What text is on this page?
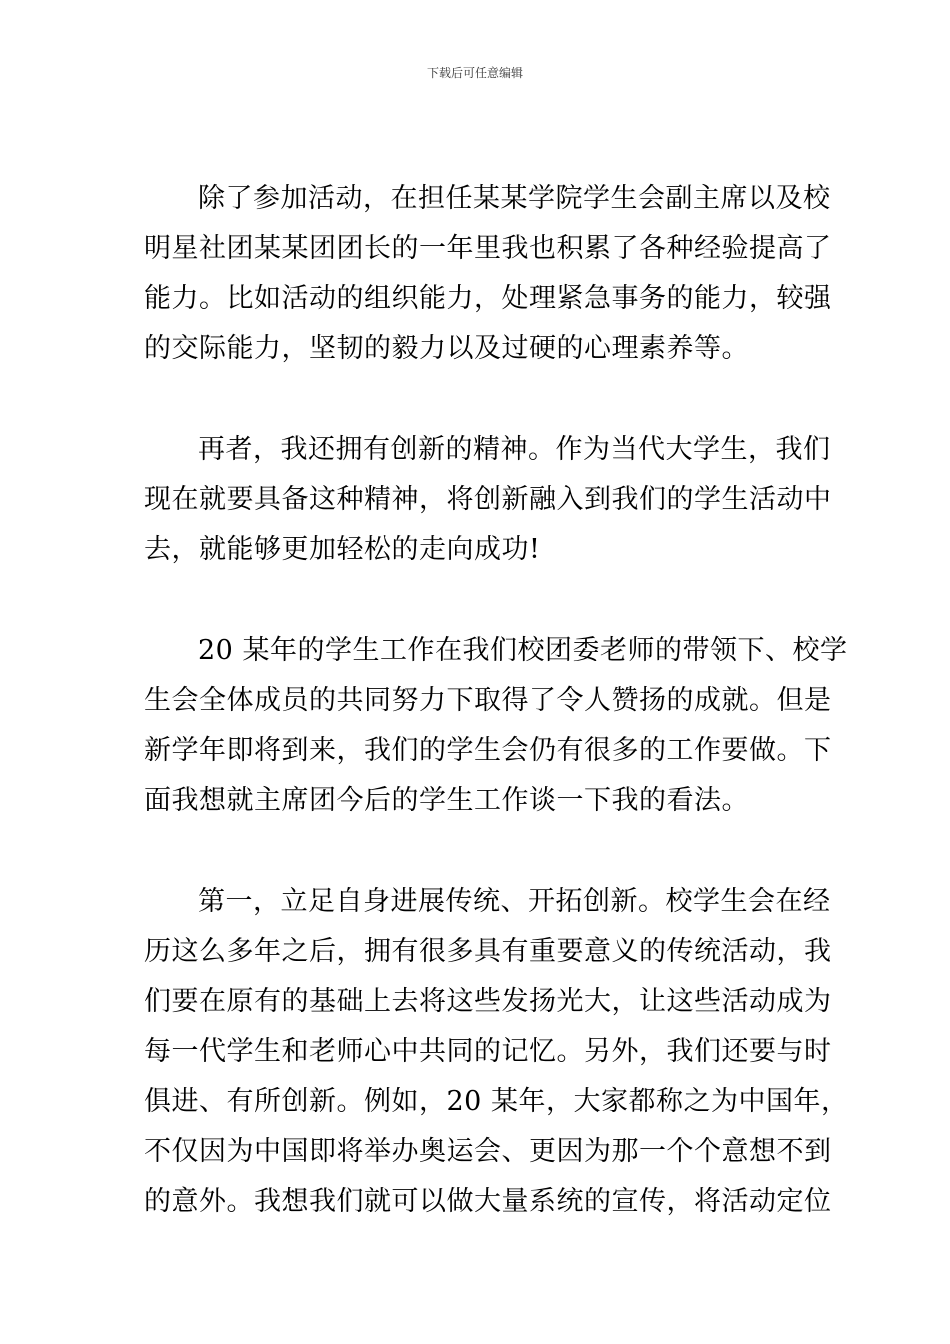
下载后可任意编辑
除了参加活动，在担任某某学院学生会副主席以及校
明星社团某某团团长的一年里我也积累了各种经验提高了
能力。比如活动的组织能力，处理紧急事务的能力，较强
的交际能力，坚韧的毅力以及过硬的心理素养等。
再者，我还拥有创新的精神。作为当代大学生，我们
现在就要具备这种精神，将创新融入到我们的学生活动中
去，就能够更加轻松的走向成功!
20 某年的学生工作在我们校团委老师的带领下、校学
生会全体成员的共同努力下取得了令人赞扬的成就。但是
新学年即将到来，我们的学生会仍有很多的工作要做。下
面我想就主席团今后的学生工作谈一下我的看法。
第一，立足自身进展传统、开拓创新。校学生会在经
历这么多年之后，拥有很多具有重要意义的传统活动，我
们要在原有的基础上去将这些发扬光大，让这些活动成为
每一代学生和老师心中共同的记忆。另外，我们还要与时
俱进、有所创新。例如，20 某年，大家都称之为中国年，
不仅因为中国即将举办奥运会、更因为那一个个意想不到
的意外。我想我们就可以做大量系统的宣传，将活动定位
